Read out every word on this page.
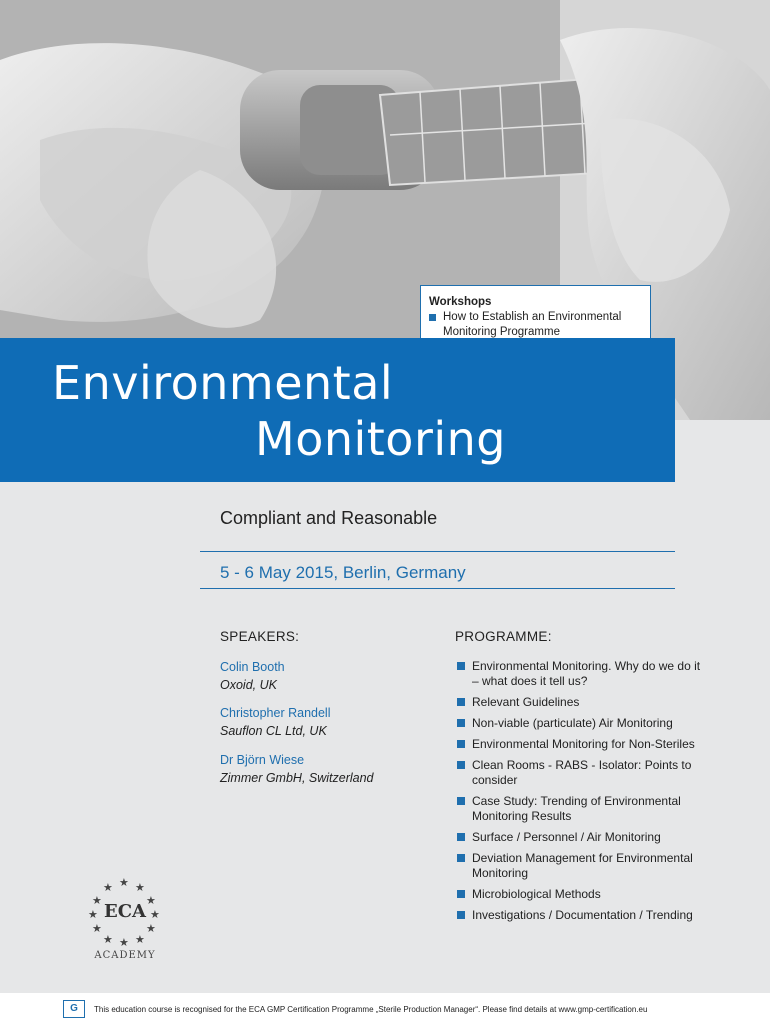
Workshops
How to Establish an Environmental Monitoring Programme
Environmental
Monitoring
Compliant and Reasonable
5 - 6 May 2015, Berlin, Germany
SPEAKERS:
Colin Booth
Oxoid, UK
Christopher Randell
Sauflon CL Ltd, UK
Dr Björn Wiese
Zimmer GmbH, Switzerland
PROGRAMME:
Environmental Monitoring. Why do we do it – what does it tell us?
Relevant Guidelines
Non-viable (particulate) Air Monitoring
Environmental Monitoring for Non-Steriles
Clean Rooms - RABS - Isolator: Points to consider
Case Study: Trending of Environmental Monitoring Results
Surface / Personnel / Air Monitoring
Deviation Management for Environmental Monitoring
Microbiological Methods
Investigations / Documentation / Trending
★
★ ★
★	★
★	★
★	★
★ ★
★
ECA
ACADEMY
G	This education course is recognised for the ECA GMP Certification Programme „Sterile Production Manager“. Please find details at www.gmp-certification.eu
